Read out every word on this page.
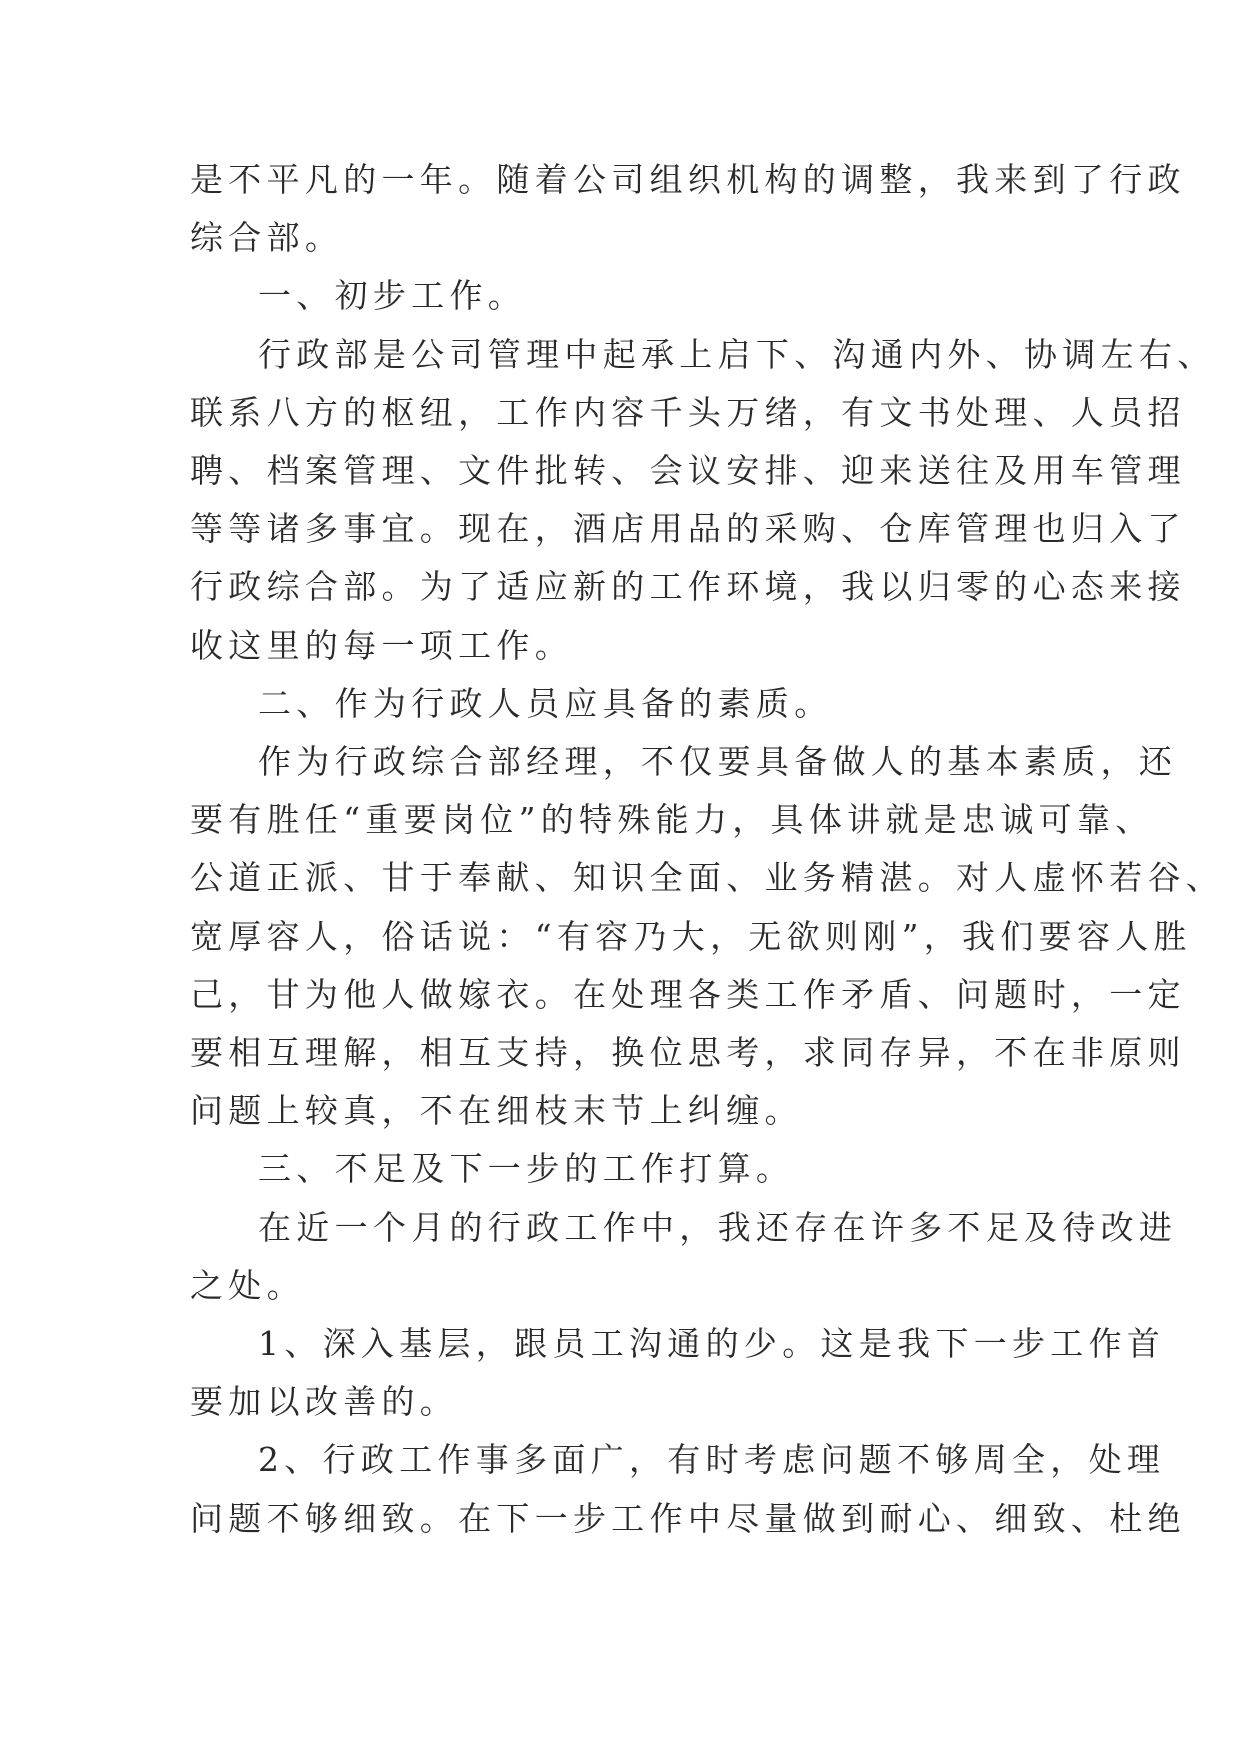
是不平凡的一年。随着公司组织机构的调整，我来到了行政
综合部。

一、初步工作。

行政部是公司管理中起承上启下、沟通内外、协调左右、
联系八方的枢纽，工作内容千头万绪，有文书处理、人员招
聘、档案管理、文件批转、会议安排、迎来送往及用车管理
等等诸多事宜。现在，酒店用品的采购、仓库管理也归入了
行政综合部。为了适应新的工作环境，我以归零的心态来接
收这里的每一项工作。

二、作为行政人员应具备的素质。

作为行政综合部经理，不仅要具备做人的基本素质，还
要有胜任“重要岗位”的特殊能力，具体讲就是忠诚可靠、
公道正派、甘于奉献、知识全面、业务精湛。对人虚怀若谷、
宽厚容人，俗话说：“有容乃大，无欲则刚”，我们要容人胜
己，甘为他人做嫁衣。在处理各类工作矛盾、问题时，一定
要相互理解，相互支持，换位思考，求同存异，不在非原则
问题上较真，不在细枝末节上纠缠。

三、不足及下一步的工作打算。

在近一个月的行政工作中，我还存在许多不足及待改进
之处。

1、深入基层，跟员工沟通的少。这是我下一步工作首
要加以改善的。

2、行政工作事多面广，有时考虑问题不够周全，处理
问题不够细致。在下一步工作中尽量做到耐心、细致、杜绝
